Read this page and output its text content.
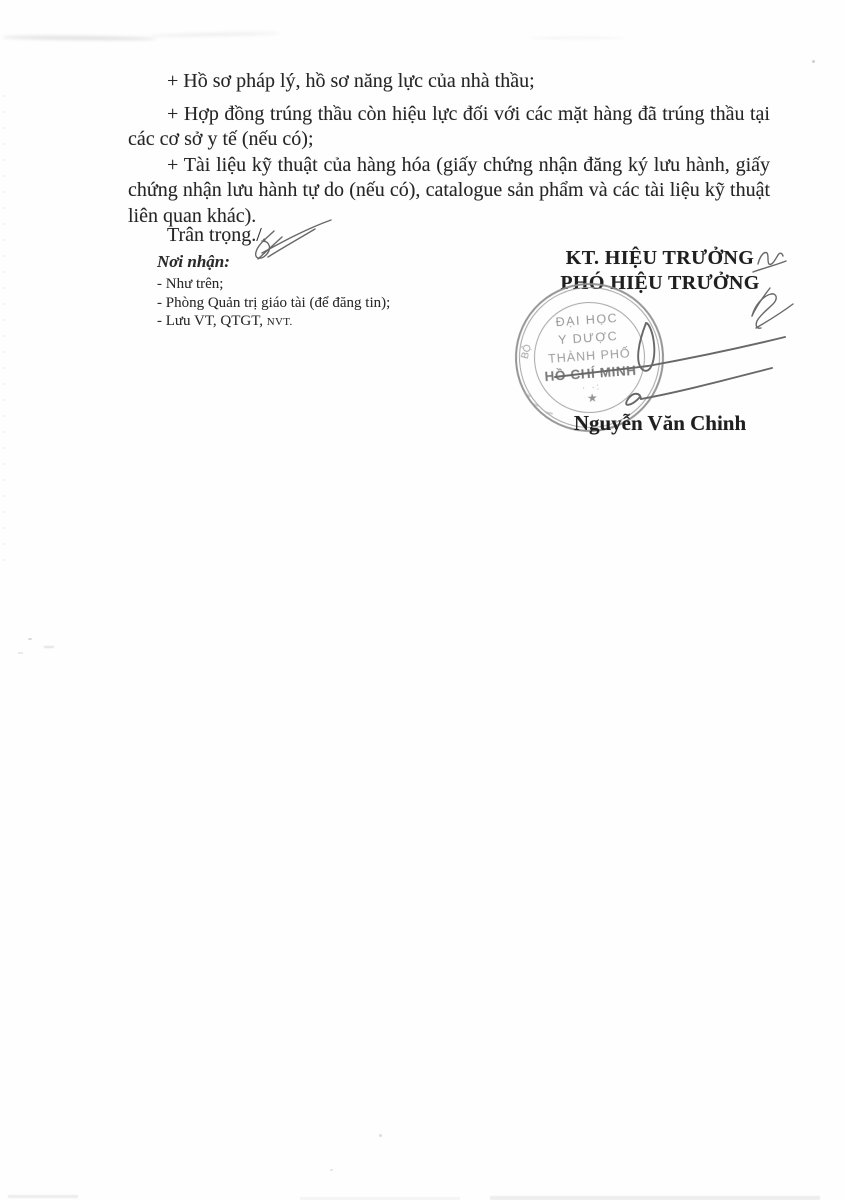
+ Hồ sơ pháp lý, hồ sơ năng lực của nhà thầu;

+ Hợp đồng trúng thầu còn hiệu lực đối với các mặt hàng đã trúng thầu tại các cơ sở y tế (nếu có);

+ Tài liệu kỹ thuật của hàng hóa (giấy chứng nhận đăng ký lưu hành, giấy chứng nhận lưu hành tự do (nếu có), catalogue sản phẩm và các tài liệu kỹ thuật liên quan khác).

Trân trọng./.
Nơi nhận:
- Như trên;
- Phòng Quản trị giáo tài (để đăng tin);
- Lưu VT, QTGT, NVT.
KT. HIỆU TRƯỞNG
PHÓ HIỆU TRƯỞNG
BỘ
ĐẠI HỌC
Y DƯỢC
THÀNH PHỐ
HỒ CHÍ MINH
· ·:
★
Nguyễn Văn Chinh
